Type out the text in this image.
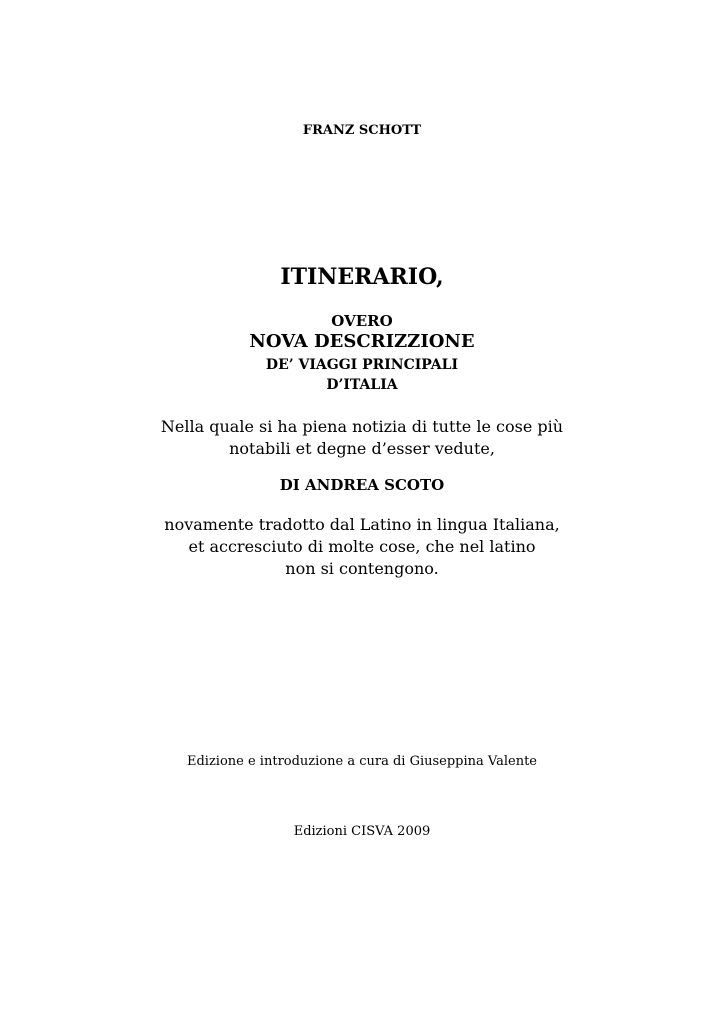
FRANZ SCHOTT
ITINERARIO,
OVERO
NOVA DESCRIZZIONE
DE’ VIAGGI PRINCIPALI
D’ITALIA
Nella quale si ha piena notizia di tutte le cose più
notabili et degne d’esser vedute,
DI ANDREA SCOTO
novamente tradotto dal Latino in lingua Italiana,
et accresciuto di molte cose, che nel latino
non si contengono.
Edizione e introduzione a cura di Giuseppina Valente
Edizioni CISVA 2009
